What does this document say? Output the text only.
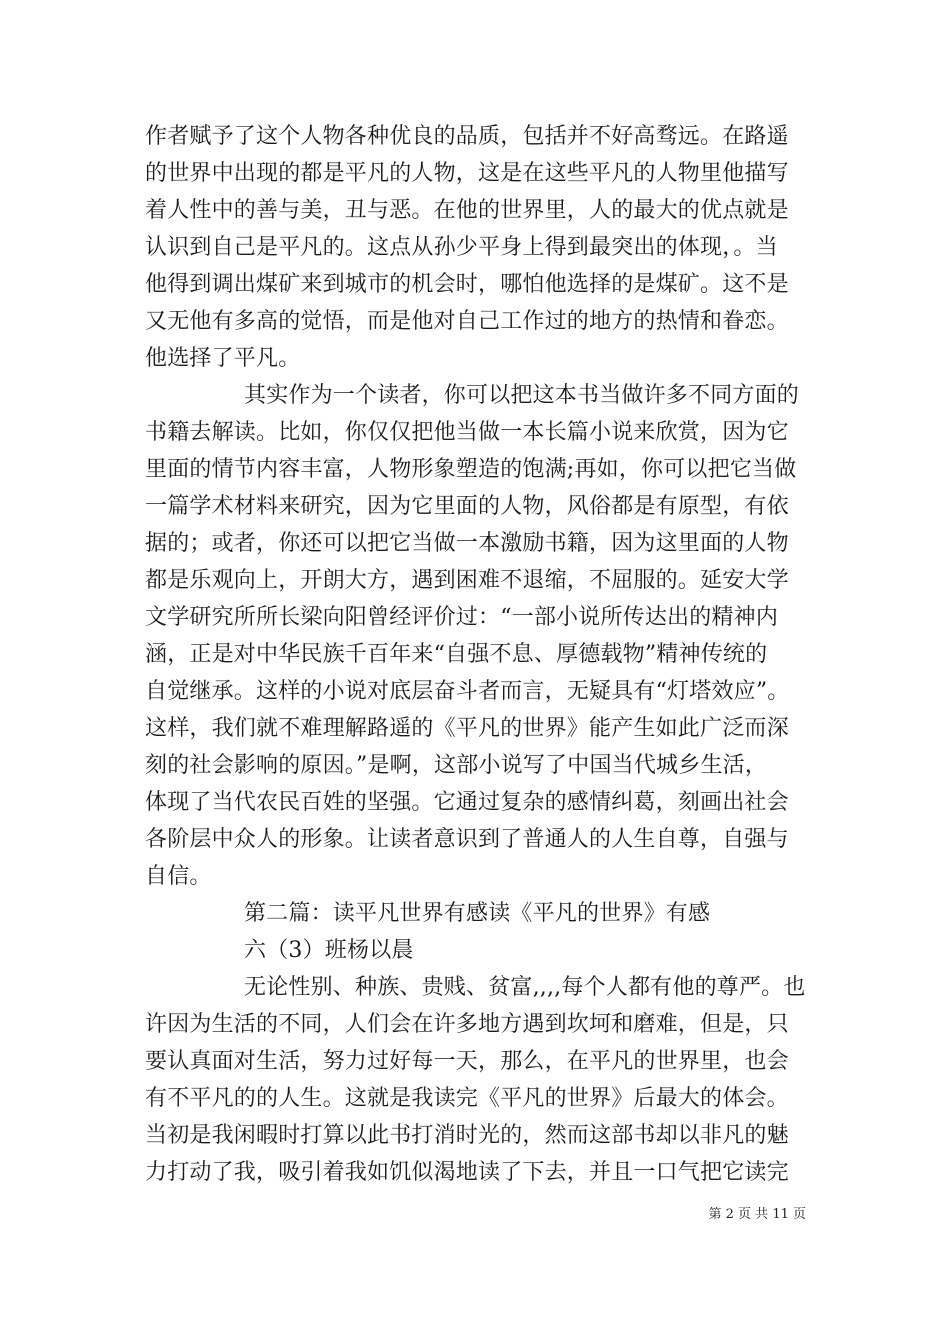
作者赋予了这个人物各种优良的品质，包括并不好高骛远。在路遥
的世界中出现的都是平凡的人物，这是在这些平凡的人物里他描写
着人性中的善与美，丑与恶。在他的世界里，人的最大的优点就是
认识到自己是平凡的。这点从孙少平身上得到最突出的体现，。当
他得到调出煤矿来到城市的机会时，哪怕他选择的是煤矿。这不是
又无他有多高的觉悟，而是他对自己工作过的地方的热情和眷恋。
他选择了平凡。
其实作为一个读者，你可以把这本书当做许多不同方面的
书籍去解读。比如，你仅仅把他当做一本长篇小说来欣赏，因为它
里面的情节内容丰富，人物形象塑造的饱满;再如，你可以把它当做
一篇学术材料来研究，因为它里面的人物，风俗都是有原型，有依
据的；或者，你还可以把它当做一本激励书籍，因为这里面的人物
都是乐观向上，开朗大方，遇到困难不退缩，不屈服的。延安大学
文学研究所所长梁向阳曾经评价过：“一部小说所传达出的精神内
涵，正是对中华民族千百年来“自强不息、厚德载物”精神传统的
自觉继承。这样的小说对底层奋斗者而言，无疑具有“灯塔效应”。
这样，我们就不难理解路遥的《平凡的世界》能产生如此广泛而深
刻的社会影响的原因。”是啊，这部小说写了中国当代城乡生活，
体现了当代农民百姓的坚强。它通过复杂的感情纠葛，刻画出社会
各阶层中众人的形象。让读者意识到了普通人的人生自尊，自强与
自信。
第二篇：读平凡世界有感读《平凡的世界》有感
六（3）班杨以晨
无论性别、种族、贵贱、贫富,,,,每个人都有他的尊严。也
许因为生活的不同，人们会在许多地方遇到坎坷和磨难，但是，只
要认真面对生活，努力过好每一天，那么，在平凡的世界里，也会
有不平凡的的人生。这就是我读完《平凡的世界》后最大的体会。
当初是我闲暇时打算以此书打消时光的，然而这部书却以非凡的魅
力打动了我，吸引着我如饥似渴地读了下去，并且一口气把它读完
第 2 页 共 11 页
